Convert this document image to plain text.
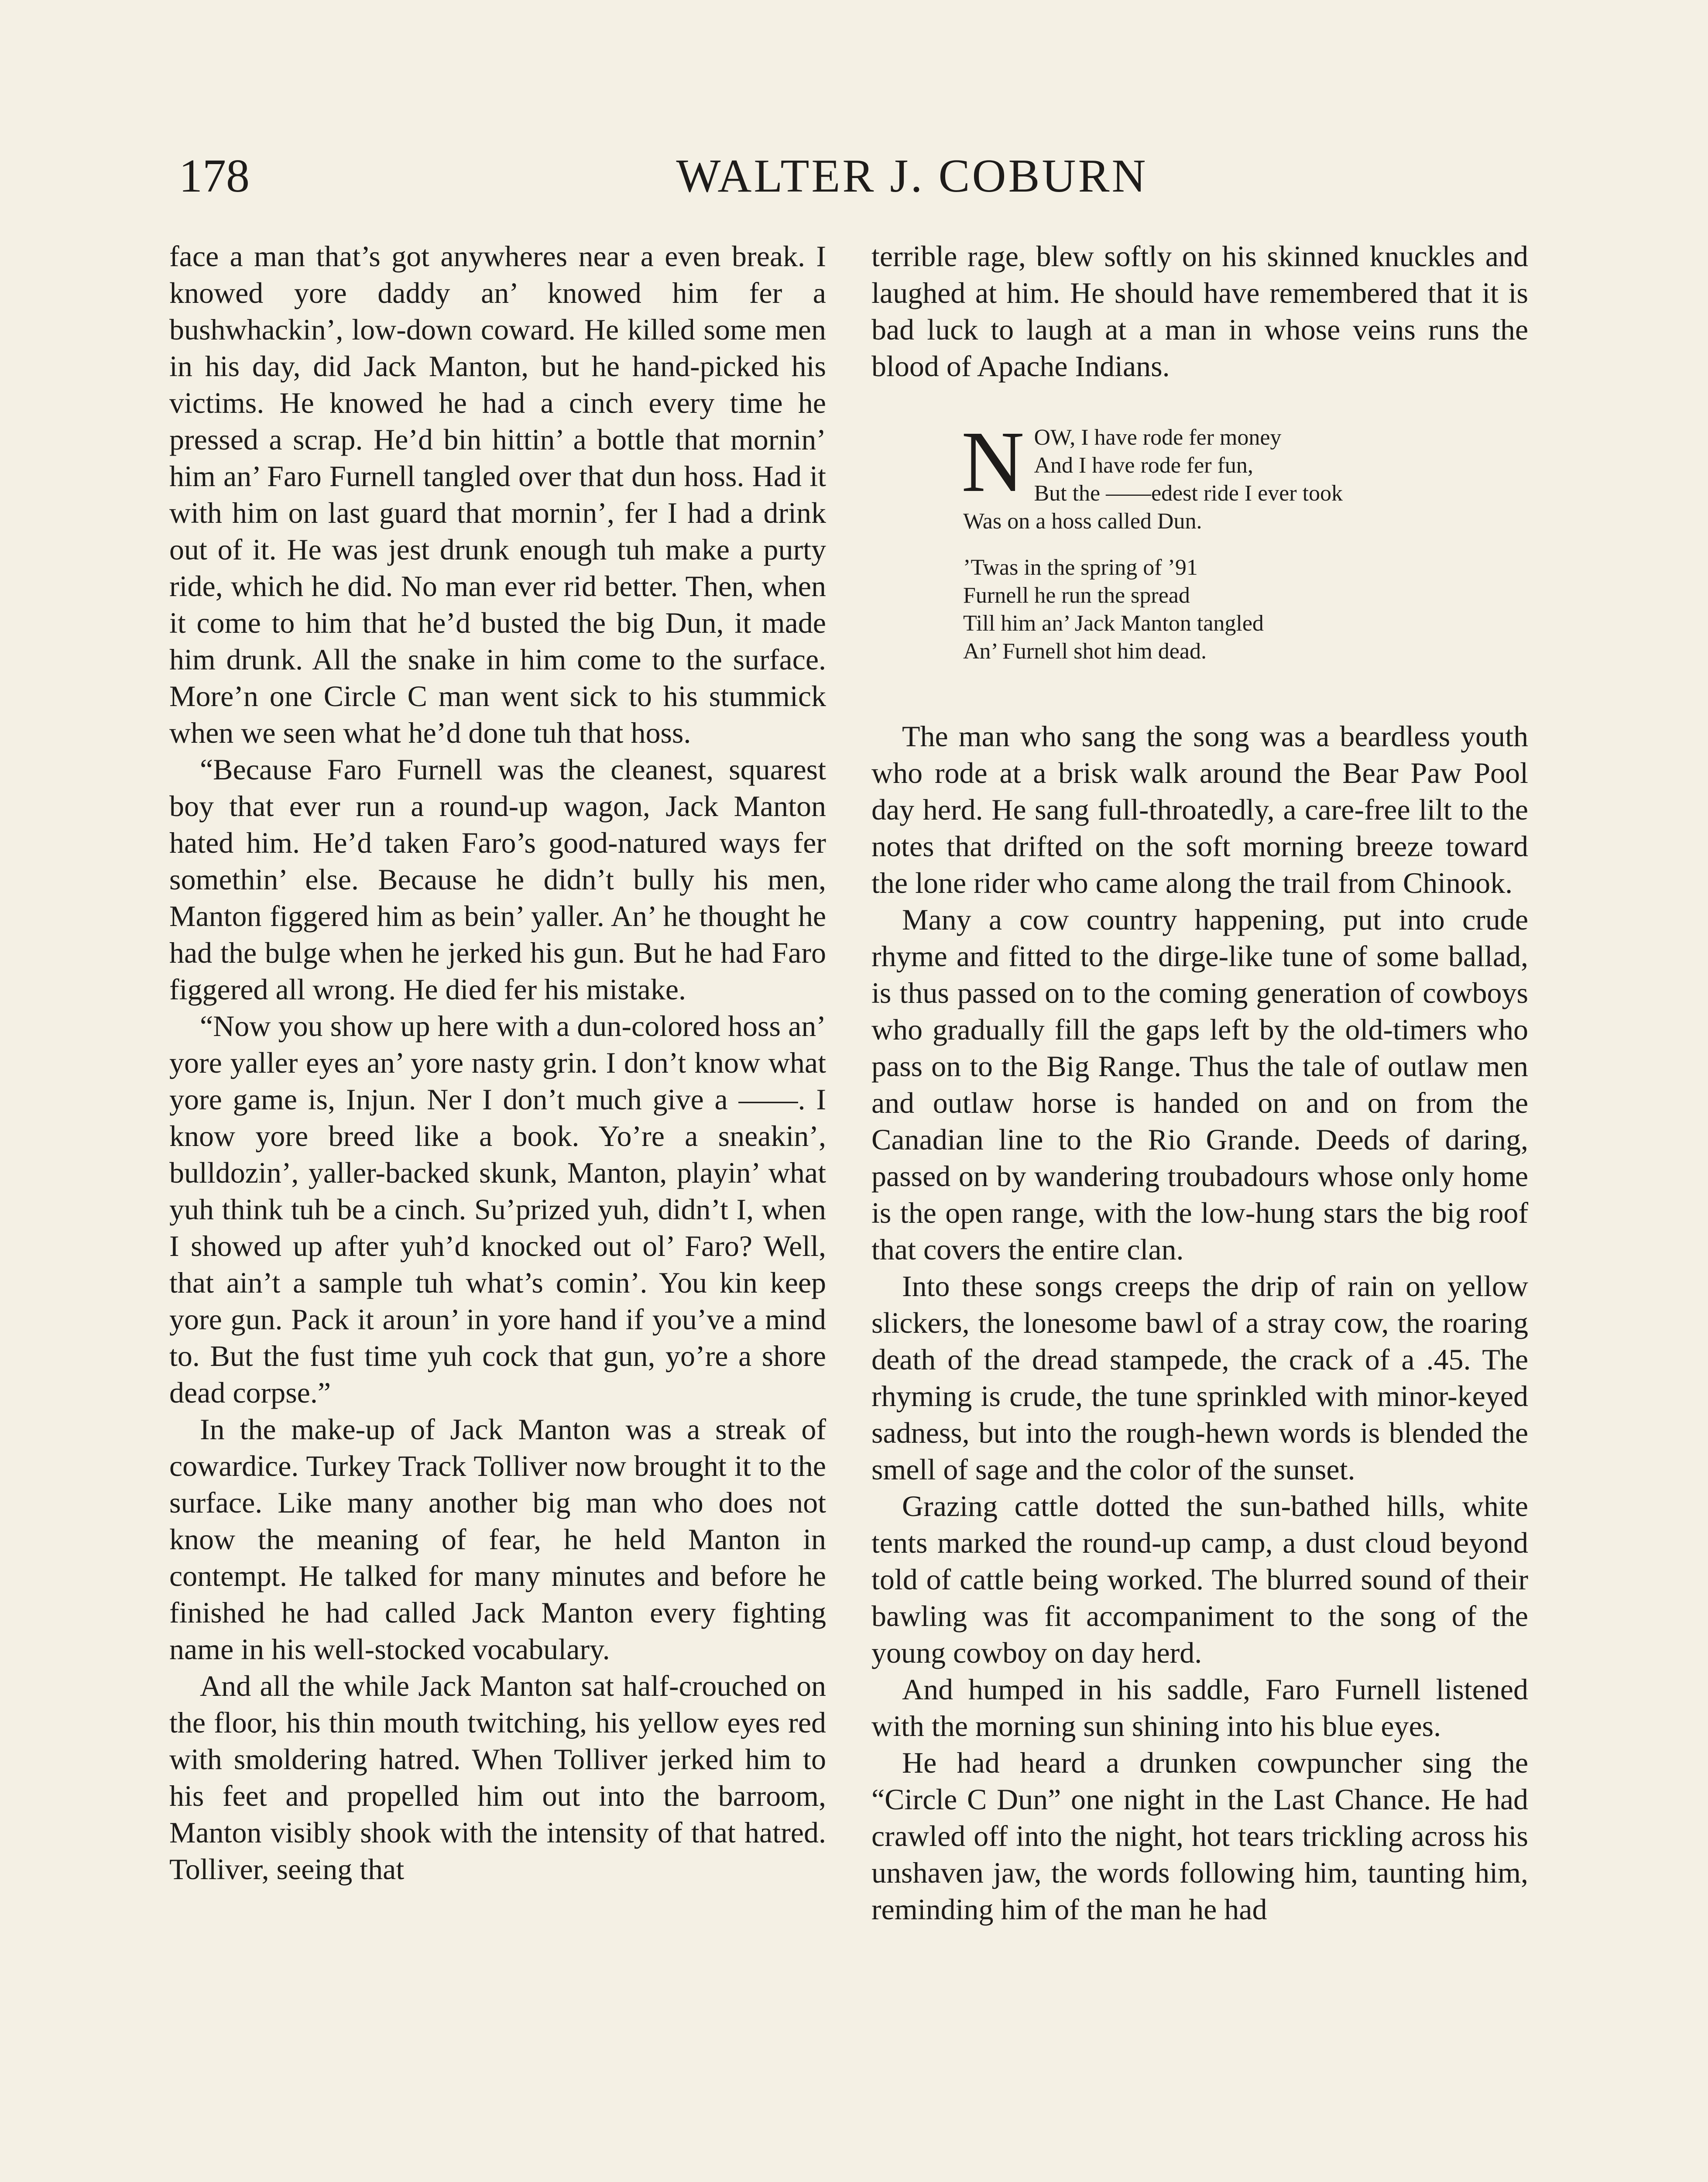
178	WALTER J. COBURN

face a man that’s got anywheres near a even break. I knowed yore daddy an’ knowed him fer a bushwhackin’, low-down coward. He killed some men in his day, did Jack Manton, but he hand-picked his victims. He knowed he had a cinch every time he pressed a scrap. He’d bin hittin’ a bottle that mornin’ him an’ Faro Furnell tangled over that dun hoss. Had it with him on last guard that mornin’, fer I had a drink out of it. He was jest drunk enough tuh make a purty ride, which he did. No man ever rid better. Then, when it come to him that he’d busted the big Dun, it made him drunk. All the snake in him come to the surface. More’n one Circle C man went sick to his stummick when we seen what he’d done tuh that hoss.

“Because Faro Furnell was the cleanest, squarest boy that ever run a round-up wagon, Jack Manton hated him. He’d taken Faro’s good-natured ways fer somethin’ else. Because he didn’t bully his men, Manton figgered him as bein’ yaller. An’ he thought he had the bulge when he jerked his gun. But he had Faro figgered all wrong. He died fer his mistake.

“Now you show up here with a dun-colored hoss an’ yore yaller eyes an’ yore nasty grin. I don’t know what yore game is, Injun. Ner I don’t much give a ——. I know yore breed like a book. Yo’re a sneakin’, bulldozin’, yaller-backed skunk, Manton, playin’ what yuh think tuh be a cinch. Su’prized yuh, didn’t I, when I showed up after yuh’d knocked out ol’ Faro? Well, that ain’t a sample tuh what’s comin’. You kin keep yore gun. Pack it aroun’ in yore hand if you’ve a mind to. But the fust time yuh cock that gun, yo’re a shore dead corpse.”

In the make-up of Jack Manton was a streak of cowardice. Turkey Track Tolliver now brought it to the surface. Like many another big man who does not know the meaning of fear, he held Manton in contempt. He talked for many minutes and before he finished he had called Jack Manton every fighting name in his well-stocked vocabulary.

And all the while Jack Manton sat half-crouched on the floor, his thin mouth twitching, his yellow eyes red with smoldering hatred. When Tolliver jerked him to his feet and propelled him out into the barroom, Manton visibly shook with the intensity of that hatred. Tolliver, seeing that

terrible rage, blew softly on his skinned knuckles and laughed at him. He should have remembered that it is bad luck to laugh at a man in whose veins runs the blood of Apache Indians.

N OW, I have rode fer money
And I have rode fer fun,
But the ——edest ride I ever took
Was on a hoss called Dun.
’Twas in the spring of ’91
Furnell he run the spread
Till him an’ Jack Manton tangled
An’ Furnell shot him dead.

The man who sang the song was a beardless youth who rode at a brisk walk around the Bear Paw Pool day herd. He sang full-throatedly, a care-free lilt to the notes that drifted on the soft morning breeze toward the lone rider who came along the trail from Chinook.

Many a cow country happening, put into crude rhyme and fitted to the dirge-like tune of some ballad, is thus passed on to the coming generation of cowboys who gradually fill the gaps left by the old-timers who pass on to the Big Range. Thus the tale of outlaw men and outlaw horse is handed on and on from the Canadian line to the Rio Grande. Deeds of daring, passed on by wandering troubadours whose only home is the open range, with the low-hung stars the big roof that covers the entire clan.

Into these songs creeps the drip of rain on yellow slickers, the lonesome bawl of a stray cow, the roaring death of the dread stampede, the crack of a .45. The rhyming is crude, the tune sprinkled with minor-keyed sadness, but into the rough-hewn words is blended the smell of sage and the color of the sunset.

Grazing cattle dotted the sun-bathed hills, white tents marked the round-up camp, a dust cloud beyond told of cattle being worked. The blurred sound of their bawling was fit accompaniment to the song of the young cowboy on day herd.

And humped in his saddle, Faro Furnell listened with the morning sun shining into his blue eyes.

He had heard a drunken cowpuncher sing the “Circle C Dun” one night in the Last Chance. He had crawled off into the night, hot tears trickling across his unshaven jaw, the words following him, taunting him, reminding him of the man he had
